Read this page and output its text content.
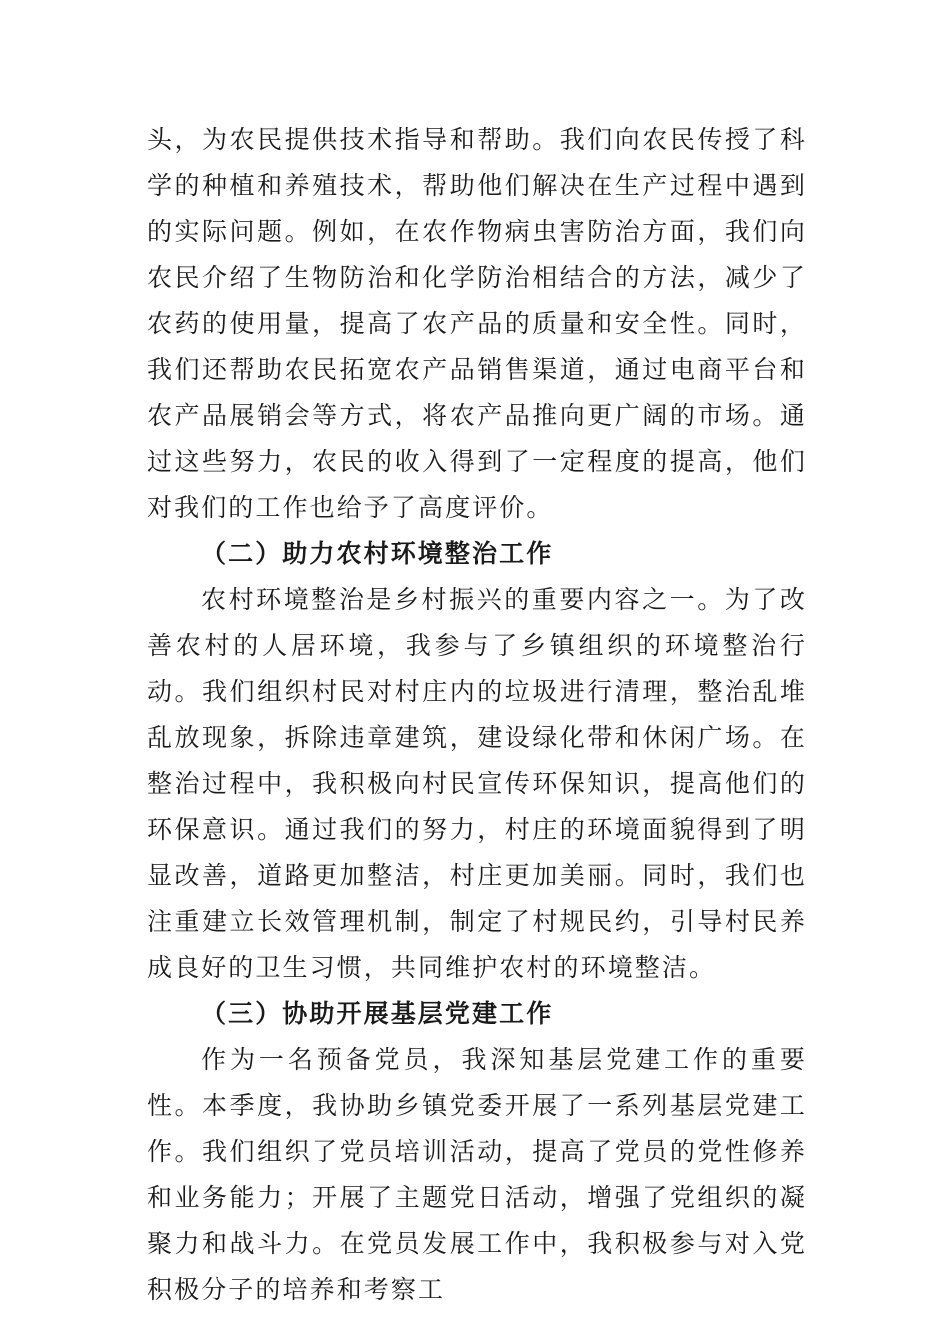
头，为农民提供技术指导和帮助。我们向农民传授了科学的种植和养殖技术，帮助他们解决在生产过程中遇到的实际问题。例如，在农作物病虫害防治方面，我们向农民介绍了生物防治和化学防治相结合的方法，减少了农药的使用量，提高了农产品的质量和安全性。同时，我们还帮助农民拓宽农产品销售渠道，通过电商平台和农产品展销会等方式，将农产品推向更广阔的市场。通过这些努力，农民的收入得到了一定程度的提高，他们对我们的工作也给予了高度评价。

（二）助力农村环境整治工作

农村环境整治是乡村振兴的重要内容之一。为了改善农村的人居环境，我参与了乡镇组织的环境整治行动。我们组织村民对村庄内的垃圾进行清理，整治乱堆乱放现象，拆除违章建筑，建设绿化带和休闲广场。在整治过程中，我积极向村民宣传环保知识，提高他们的环保意识。通过我们的努力，村庄的环境面貌得到了明显改善，道路更加整洁，村庄更加美丽。同时，我们也注重建立长效管理机制，制定了村规民约，引导村民养成良好的卫生习惯，共同维护农村的环境整洁。

（三）协助开展基层党建工作

作为一名预备党员，我深知基层党建工作的重要性。本季度，我协助乡镇党委开展了一系列基层党建工作。我们组织了党员培训活动，提高了党员的党性修养和业务能力；开展了主题党日活动，增强了党组织的凝聚力和战斗力。在党员发展工作中，我积极参与对入党积极分子的培养和考察工
